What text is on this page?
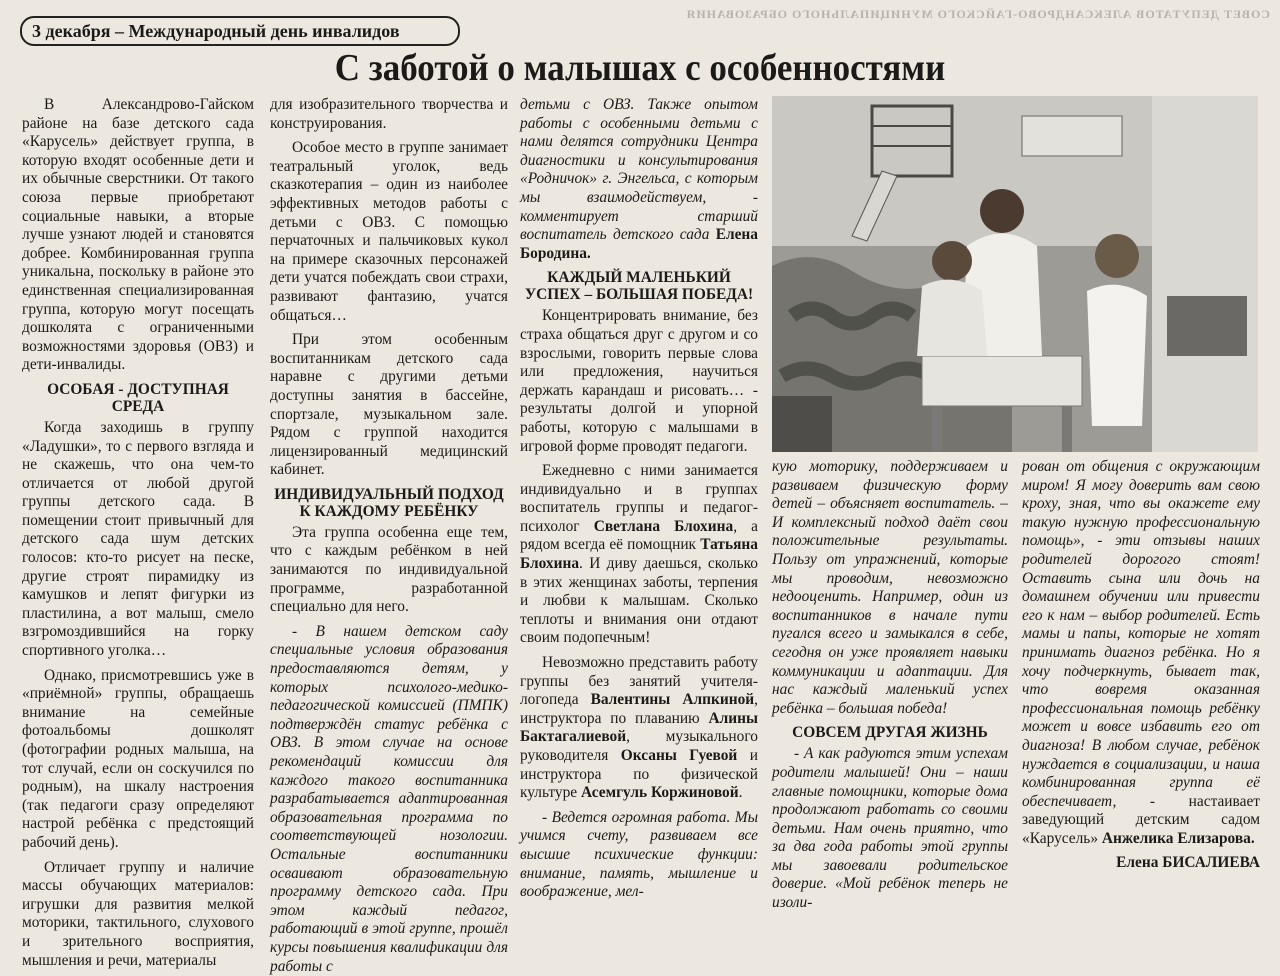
СОВЕТ ДЕПУТАТОВ АЛЕКСАНДРОВО-ГАЙСКОГО МУНИЦИПАЛЬНОГО ОБРАЗОВАНИЯ
3 декабря – Международный день инвалидов
С заботой о малышах с особенностями

В Александрово-Гайском районе на базе детского сада «Карусель» действует группа, в которую входят особенные дети и их обычные сверстники. От такого союза первые приобретают социальные навыки, а вторые лучше узнают людей и становятся добрее. Комбинированная группа уникальна, поскольку в районе это единственная специализированная группа, которую могут посещать дошколята с ограниченными возможностями здоровья (ОВЗ) и дети-инвалиды.

ОСОБАЯ - ДОСТУПНАЯ СРЕДА

Когда заходишь в группу «Ладушки», то с первого взгляда и не скажешь, что она чем-то отличается от любой другой группы детского сада. В помещении стоит привычный для детского сада шум детских голосов: кто-то рисует на песке, другие строят пирамидку из камушков и лепят фигурки из пластилина, а вот малыш, смело взгромоздившийся на горку спортивного уголка…

Однако, присмотревшись уже в «приёмной» группы, обращаешь внимание на семейные фотоальбомы дошколят (фотографии родных малыша, на тот случай, если он соскучился по родным), на шкалу настроения (так педагоги сразу определяют настрой ребёнка с предстоящий рабочий день).

Отличает группу и наличие массы обучающих материалов: игрушки для развития мелкой моторики, тактильного, слухового и зрительного восприятия, мышления и речи, материалы

для изобразительного творчества и конструирования.

Особое место в группе занимает театральный уголок, ведь сказкотерапия – один из наиболее эффективных методов работы с детьми с ОВЗ. С помощью перчаточных и пальчиковых кукол на примере сказочных персонажей дети учатся побеждать свои страхи, развивают фантазию, учатся общаться…

При этом особенным воспитанникам детского сада наравне с другими детьми доступны занятия в бассейне, спортзале, музыкальном зале. Рядом с группой находится лицензированный медицинский кабинет.

ИНДИВИДУАЛЬНЫЙ ПОДХОД К КАЖДОМУ РЕБЁНКУ

Эта группа особенна еще тем, что с каждым ребёнком в ней занимаются по индивидуальной программе, разработанной специально для него.

- В нашем детском саду специальные условия образования предоставляются детям, у которых психолого-медико-педагогической комиссией (ПМПК) подтверждён статус ребёнка с ОВЗ. В этом случае на основе рекомендаций комиссии для каждого такого воспитанника разрабатывается адаптированная образовательная программа по соответствующей нозологии. Остальные воспитанники осваивают образовательную программу детского сада. При этом каждый педагог, работающий в этой группе, прошёл курсы повышения квалификации для работы с

детьми с ОВЗ. Также опытом работы с особенными детьми с нами делятся сотрудники Центра диагностики и консультирования «Родничок» г. Энгельса, с которым мы взаимодействуем, - комментирует старший воспитатель детского сада Елена Бородина.

КАЖДЫЙ МАЛЕНЬКИЙ УСПЕХ – БОЛЬШАЯ ПОБЕДА!

Концентрировать внимание, без страха общаться друг с другом и со взрослыми, говорить первые слова или предложения, научиться держать карандаш и рисовать… - результаты долгой и упорной работы, которую с малышами в игровой форме проводят педагоги.

Ежедневно с ними занимается индивидуально и в группах воспитатель группы и педагог-психолог Светлана Блохина, а рядом всегда её помощник Татьяна Блохина. И диву даешься, сколько в этих женщинах заботы, терпения и любви к малышам. Сколько теплоты и внимания они отдают своим подопечным!

Невозможно представить работу группы без занятий учителя-логопеда Валентины Алпкиной, инструктора по плаванию Алины Бактагалиевой, музыкального руководителя Оксаны Гуевой и инструктора по физической культуре Асемгуль Коржиновой.

- Ведется огромная работа. Мы учимся счету, развиваем все высшие психические функции: внимание, память, мышление и воображение, мел-

кую моторику, поддерживаем и развиваем физическую форму детей – объясняет воспитатель. – И комплексный подход даёт свои положительные результаты. Пользу от упражнений, которые мы проводим, невозможно недооценить. Например, один из воспитанников в начале пути пугался всего и замыкался в себе, сегодня он уже проявляет навыки коммуникации и адаптации. Для нас каждый маленький успех ребёнка – большая победа!

СОВСЕМ ДРУГАЯ ЖИЗНЬ

- А как радуются этим успехам родители малышей! Они – наши главные помощники, которые дома продолжают работать со своими детьми. Нам очень приятно, что за два года работы этой группы мы завоевали родительское доверие. «Мой ребёнок теперь не изоли-

рован от общения с окружающим миром! Я могу доверить вам свою кроху, зная, что вы окажете ему такую нужную профессиональную помощь», - эти отзывы наших родителей дорогого стоят! Оставить сына или дочь на домашнем обучении или привести его к нам – выбор родителей. Есть мамы и папы, которые не хотят принимать диагноз ребёнка. Но я хочу подчеркнуть, бывает так, что вовремя оказанная профессиональная помощь ребёнку может и вовсе избавить его от диагноза! В любом случае, ребёнок нуждается в социализации, и наша комбинированная группа её обеспечивает, - настаивает заведующий детским садом «Карусель» Анжелика Елизарова.

Елена БИСАЛИЕВА
